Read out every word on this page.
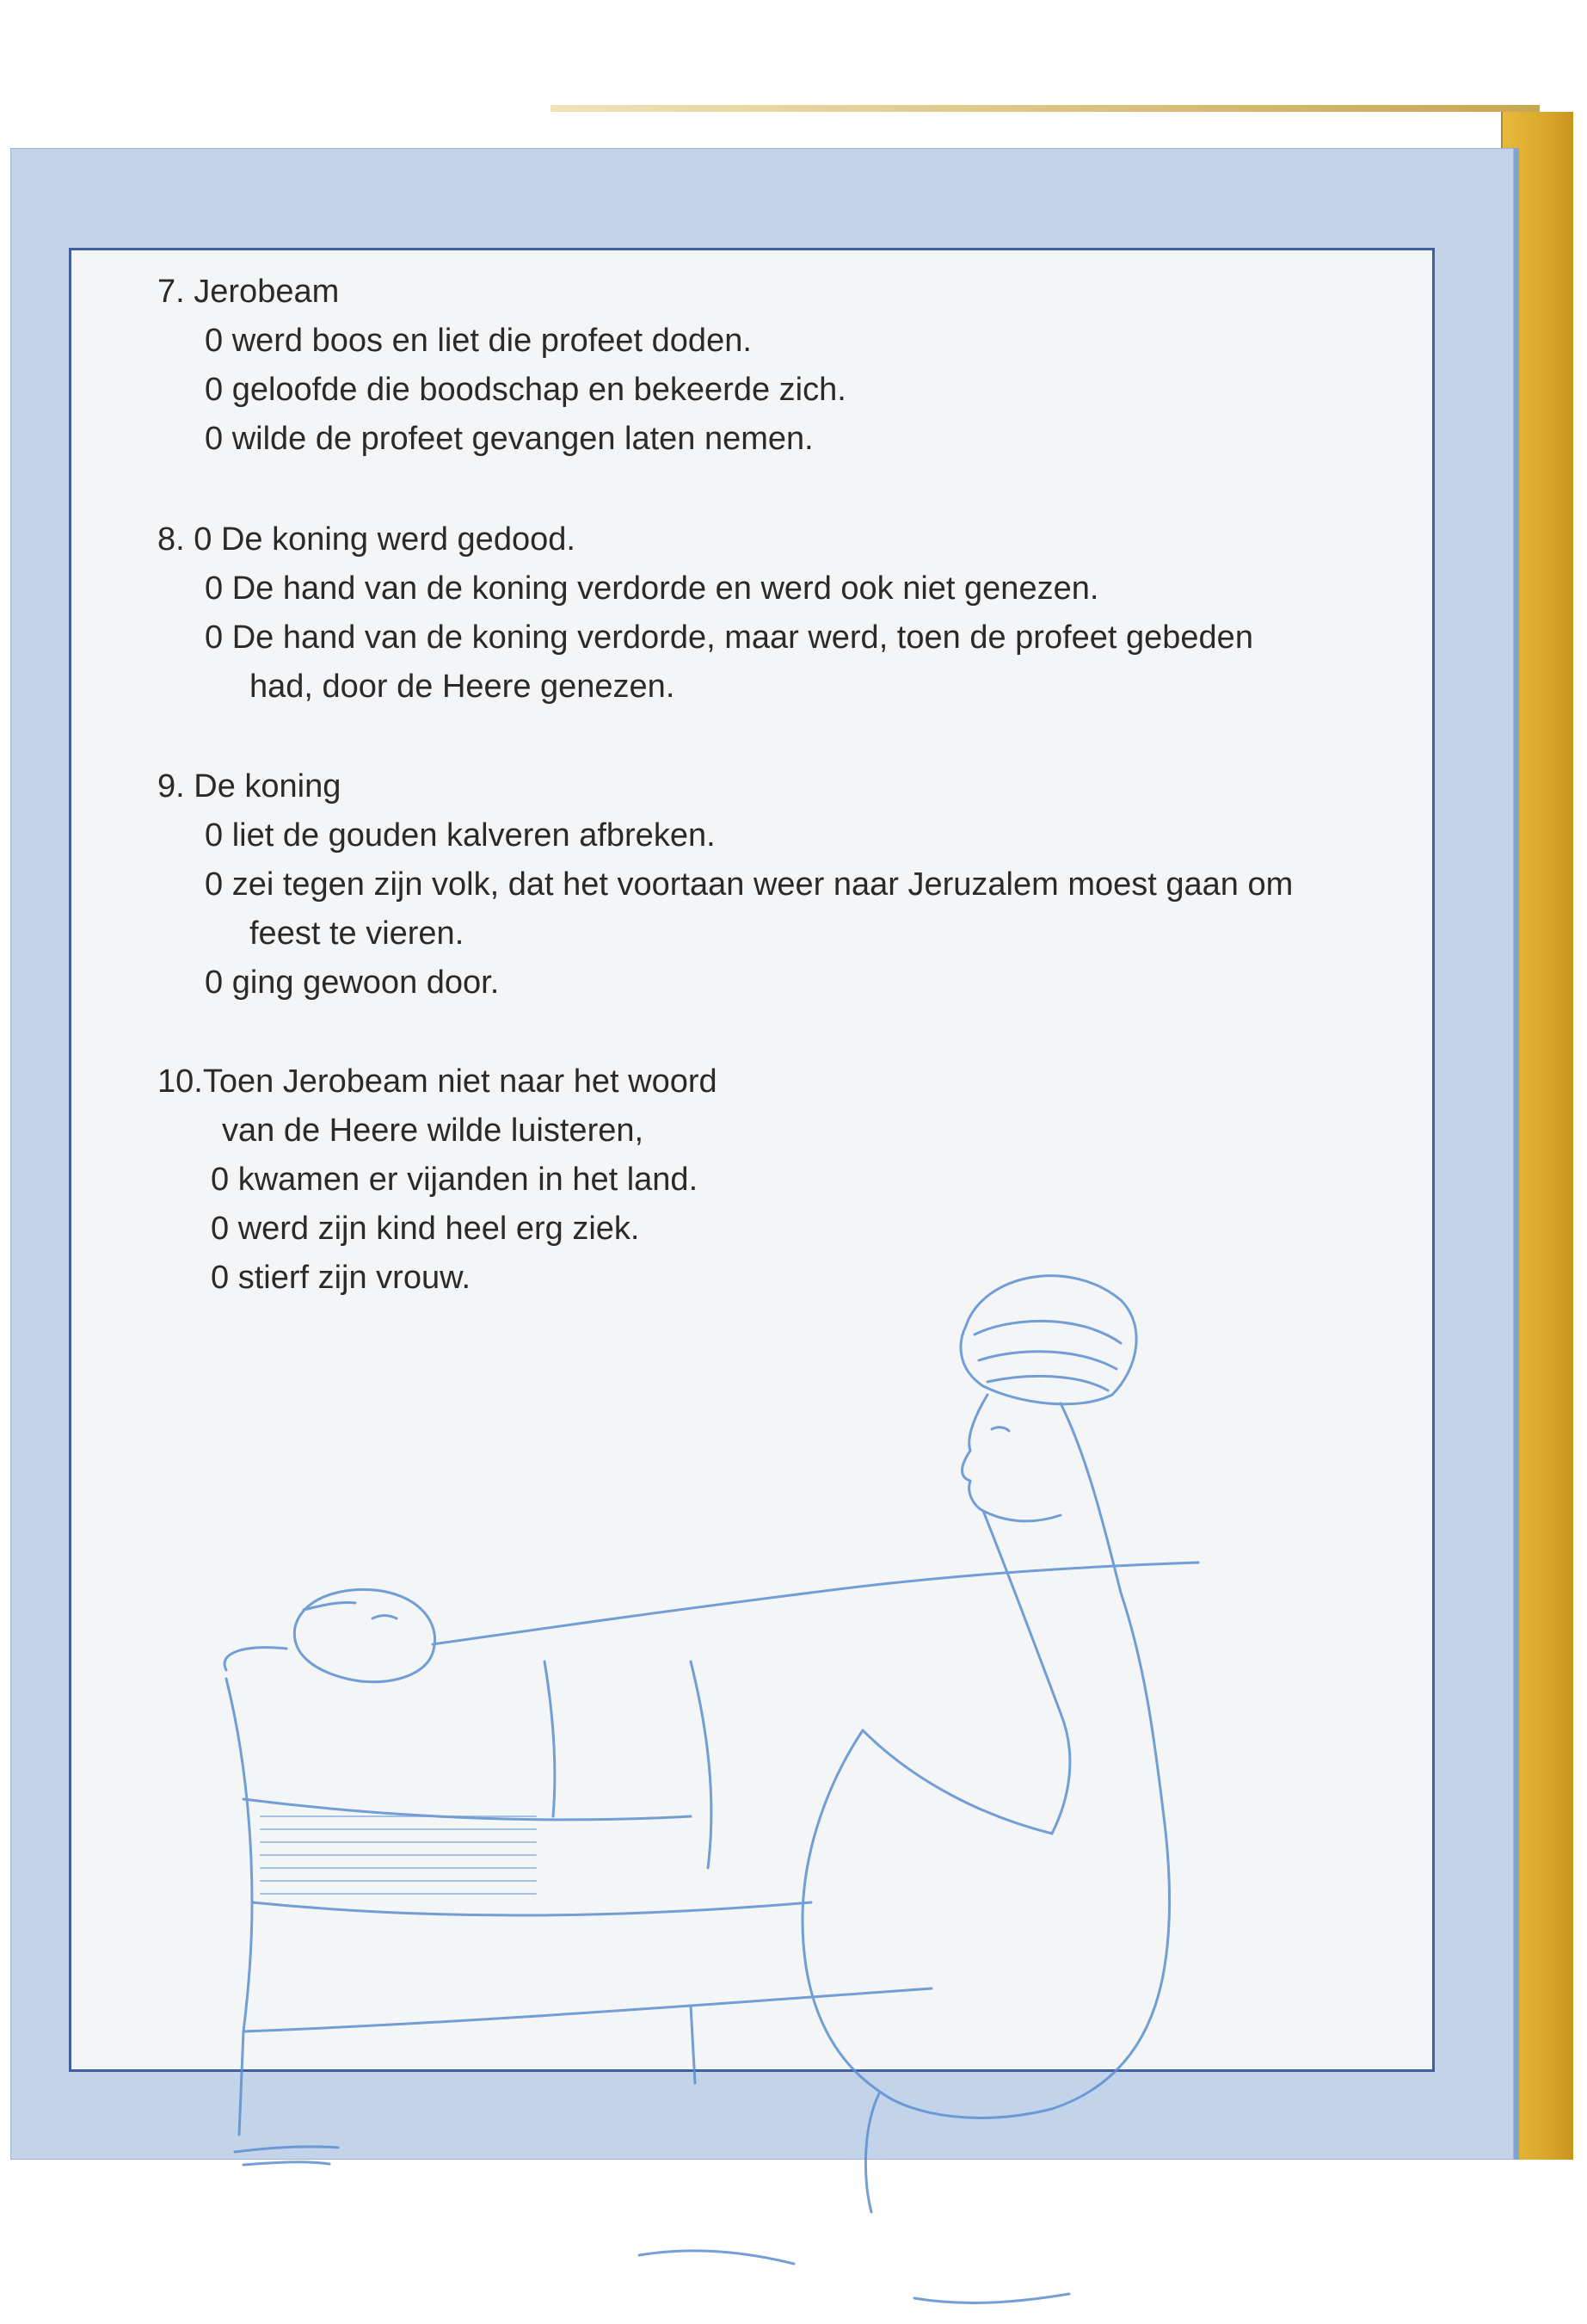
7. Jerobeam
0 werd boos en liet die profeet doden.
0 geloofde die boodschap en bekeerde zich.
0 wilde de profeet gevangen laten nemen.
8. 0 De koning werd gedood.
0 De hand van de koning verdorde en werd ook niet genezen.
0 De hand van de koning verdorde, maar werd, toen de profeet gebeden
had, door de Heere genezen.
9. De koning
0 liet de gouden kalveren afbreken.
0 zei tegen zijn volk, dat het voortaan weer naar Jeruzalem moest gaan om
feest te vieren.
0 ging gewoon door.
10.Toen Jerobeam niet naar het woord
van de Heere wilde luisteren,
0 kwamen er vijanden in het land.
0 werd zijn kind heel erg ziek.
0 stierf zijn vrouw.
